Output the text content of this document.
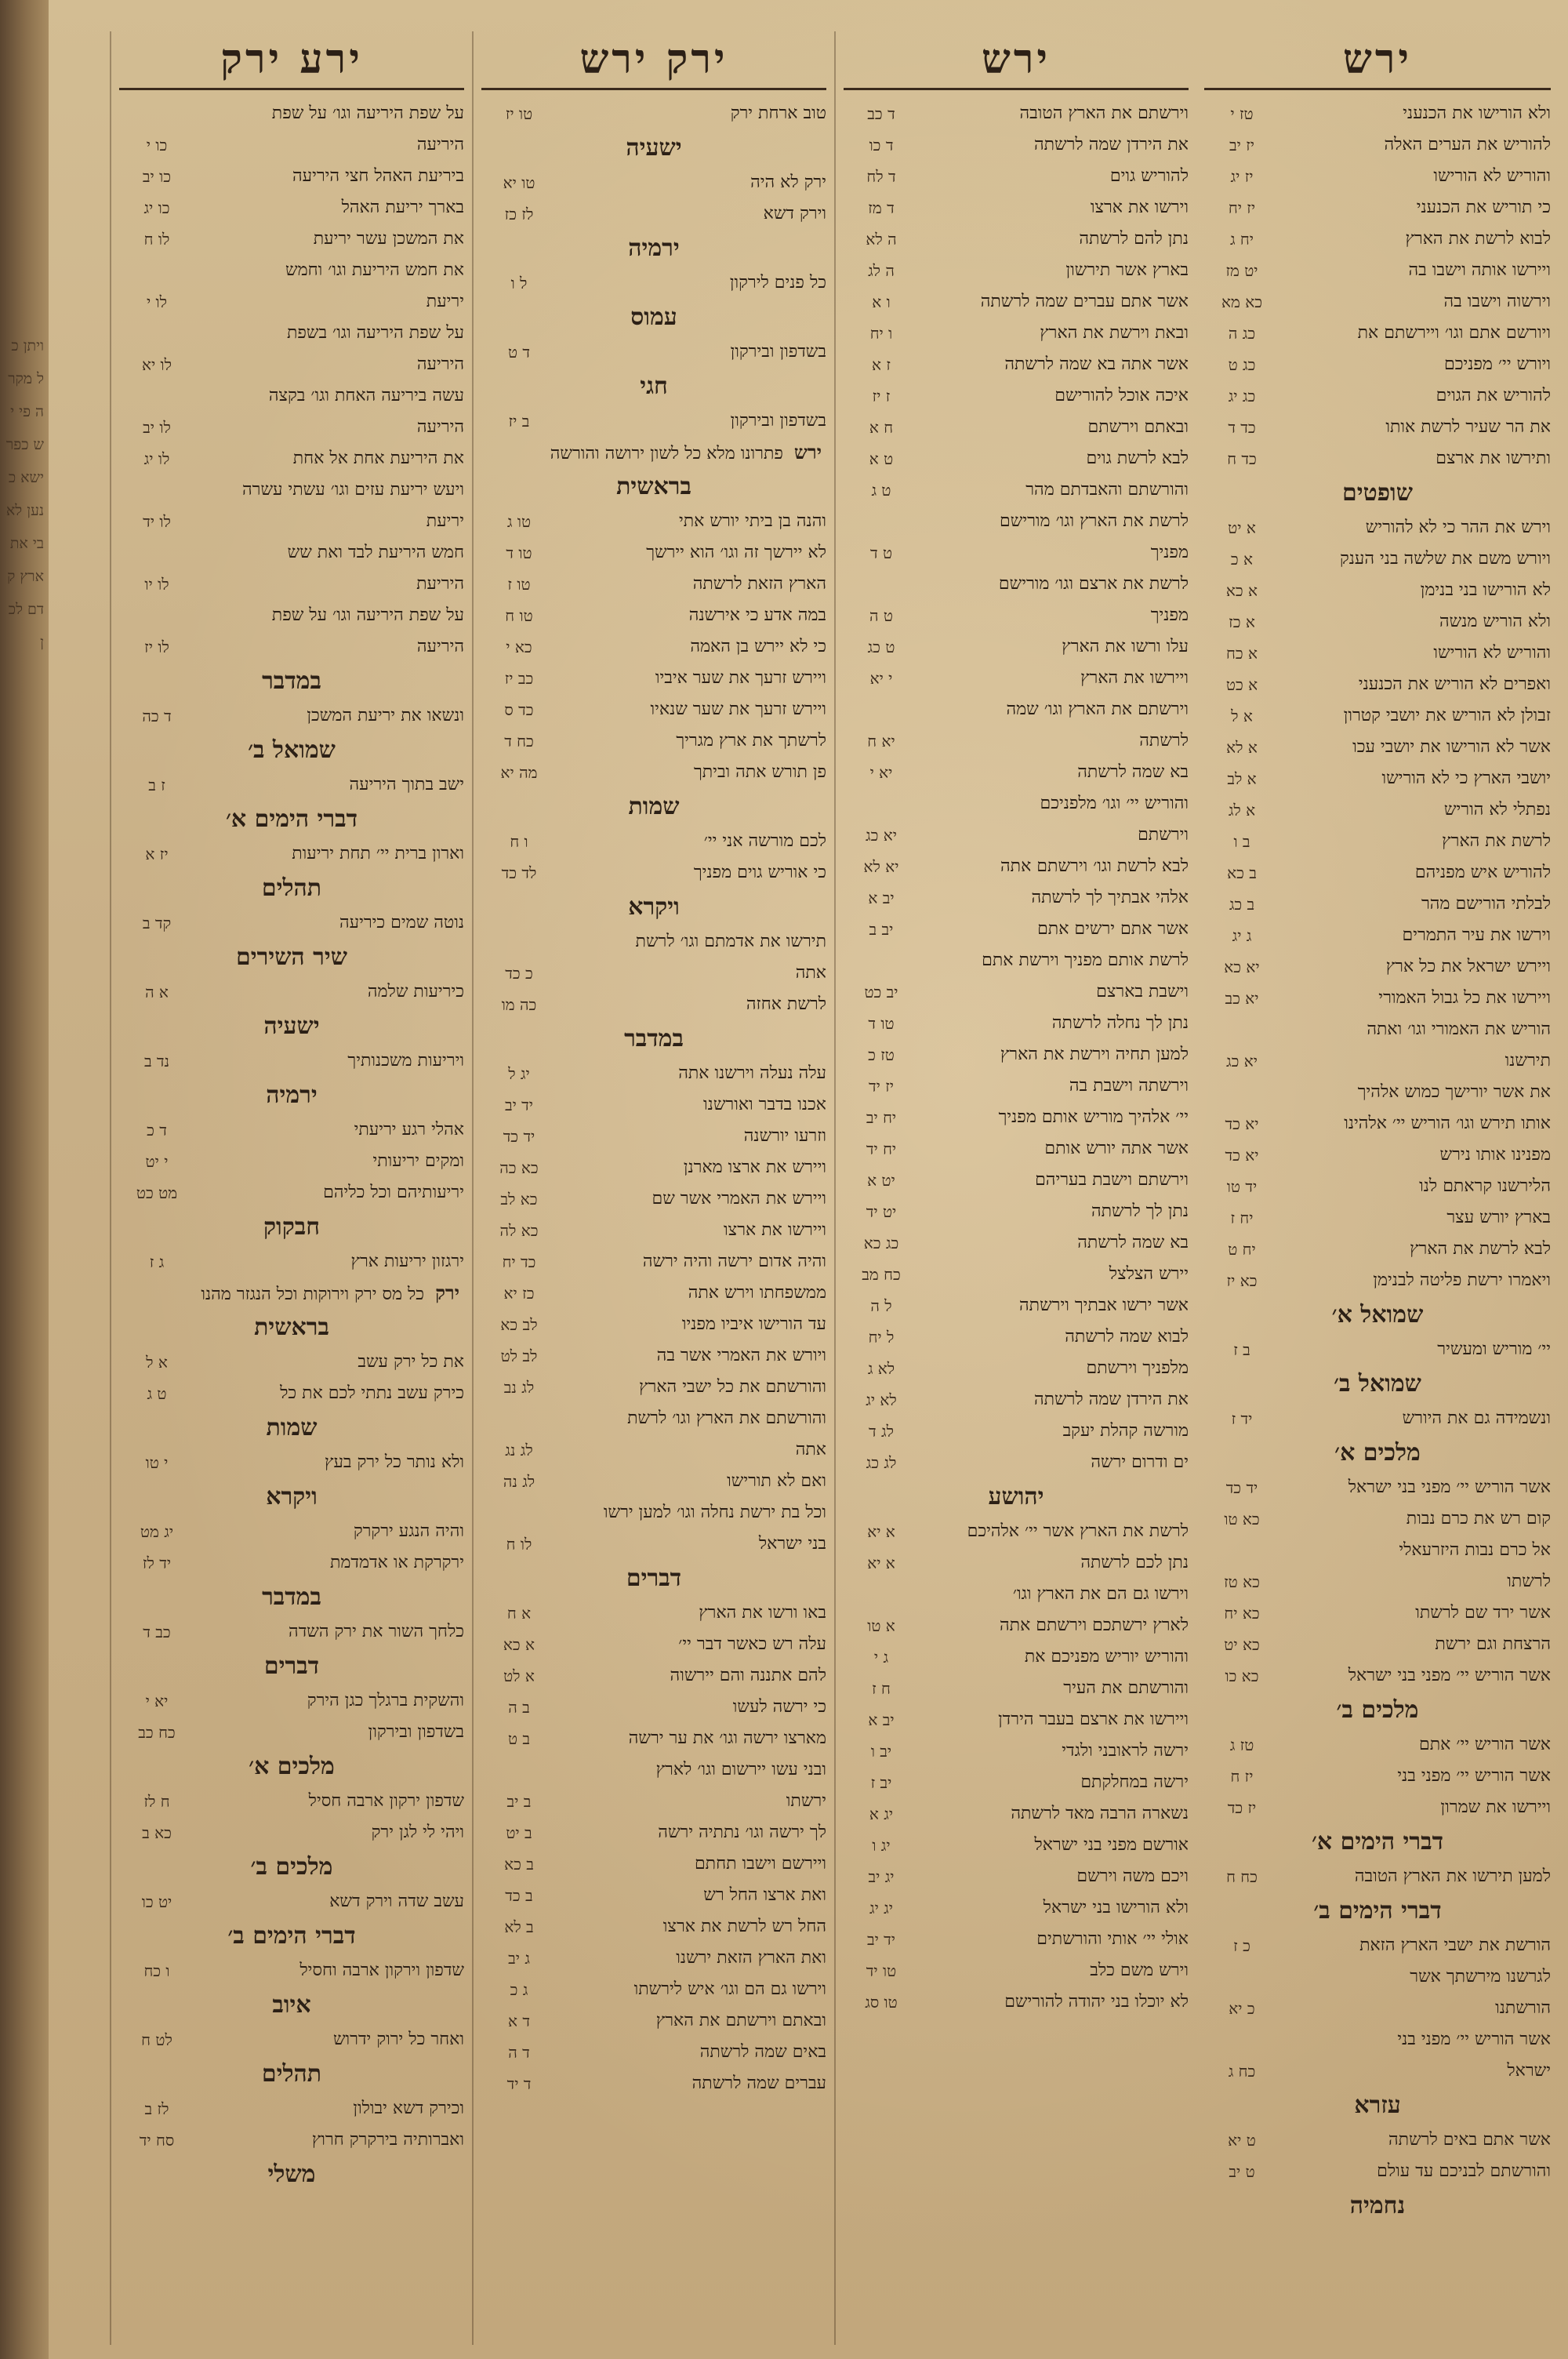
ויתן כל מקרה פי יש כפר ישא כנען לא בי את ארץ קדם לכן
ירע ירק
על שפת היריעה וגו׳ על שפת
היריעה
כו י
ביריעת האהל חצי היריעה
כו יב
בארך יריעת האהל
כו יג
את המשכן עשר יריעת
לו ח
את חמש היריעת וגו׳ וחמש
יריעת
לו י
על שפת היריעה וגו׳ בשפת
היריעה
לו יא
עשה ביריעה האחת וגו׳ בקצה
היריעה
לו יב
את היריעת אחת אל אחת
לו יג
ויעש יריעת עזים וגו׳ עשתי עשרה
יריעת
לו יד
חמש היריעת לבד ואת שש
היריעת
לו יו
על שפת היריעה וגו׳ על שפת
היריעה
לו יז
במדבר
ונשאו את יריעת המשכן
ד כה
שמואל ב׳
ישב בתוך היריעה
ז ב
דברי הימים א׳
וארון ברית יי׳ תחת יריעות
יז א
תהלים
נוטה שמים כיריעה
קד ב
שיר השירים
כיריעות שלמה
א ה
ישעיה
ויריעות משכנותיך
נד ב
ירמיה
אהלי רגע יריעתי
ד כ
ומקים יריעותי
י יט
יריעותיהם וכל כליהם
מט כט
חבקוק
ירגזון יריעות ארץ
ג ז
ירקכל מס ירק וירוקות וכל הנגזר מהנו
בראשית
את כל ירק עשב
א ל
כירק עשב נתתי לכם את כל
ט ג
שמות
ולא נותר כל ירק בעץ
י טו
ויקרא
והיה הנגע ירקרק
יג מט
ירקרקת או אדמדמת
יד לז
במדבר
כלחך השור את ירק השדה
כב ד
דברים
והשקית ברגלך כגן הירק
יא י
בשדפון ובירקון
כח כב
מלכים א׳
שדפון ירקון ארבה חסיל
ח לז
ויהי לי לגן ירק
כא ב
מלכים ב׳
עשב שדה וירק דשא
יט כו
דברי הימים ב׳
שדפון וירקון ארבה וחסיל
ו כח
איוב
ואחר כל ירוק ידרוש
לט ח
תהלים
וכירק דשא יבולון
לז ב
ואברותיה בירקרק חרוץ
סח יד
משלי
ירק ירש
טוב ארחת ירק
טו יז
ישעיה
ירק לא היה
טו יא
וירק דשא
לז כז
ירמיה
כל פנים לירקון
ל ו
עמוס
בשדפון ובירקון
ד ט
חגי
בשדפון ובירקון
ב יז
ירשפתרונו מלא כל לשון ירושה והורשה
בראשית
והנה בן ביתי יורש אתי
טו ג
לא יירשך זה וגו׳ הוא יירשך
טו ד
הארץ הזאת לרשתה
טו ז
במה אדע כי אירשנה
טו ח
כי לא יירש בן האמה
כא י
ויירש זרעך את שער איביו
כב יז
ויירש זרעך את שער שנאיו
כד ס
לרשתך את ארץ מגריך
כח ד
פן תורש אתה וביתך
מה יא
שמות
לכם מורשה אני יי׳
ו ח
כי אוריש גוים מפניך
לד כד
ויקרא
תירשו את אדמתם וגו׳ לרשת
אתה
כ כד
לרשת אחזה
כה מו
במדבר
עלה נעלה וירשנו אתה
יג ל
אכנו בדבר ואורשנו
יד יב
וזרעו יורשנה
יד כד
ויירש את ארצו מארנן
כא כה
ויירש את האמרי אשר שם
כא לב
ויירשו את ארצו
כא לה
והיה אדום ירשה והיה ירשה
כד יח
ממשפחתו וירש אתה
כז יא
עד הורישו איביו מפניו
לב כא
ויורש את האמרי אשר בה
לב לט
והורשתם את כל ישבי הארץ
לג נב
והורשתם את הארץ וגו׳ לרשת
אתה
לג נג
ואם לא תורישו
לג נה
וכל בת ירשת נחלה וגו׳ למען ירשו
בני ישראל
לו ח
דברים
באו ורשו את הארץ
א ח
עלה רש כאשר דבר יי׳
א כא
להם אתננה והם יירשוה
א לט
כי ירשה לעשו
ב ה
מארצו ירשה וגו׳ את ער ירשה
ב ט
ובני עשו יירשום וגו׳ לארץ
ירשתו
ב יב
לך ירשה וגו׳ נתתיה ירשה
ב יט
ויירשם וישבו תחתם
ב כא
ואת ארצו החל רש
ב כד
החל רש לרשת את ארצו
ב לא
ואת הארץ הזאת ירשנו
ג יב
וירשו גם הם וגו׳ איש לירשתו
ג כ
ובאתם וירשתם את הארץ
ד א
באים שמה לרשתה
ד ה
עברים שמה לרשתה
ד יד
ירש
וירשתם את הארץ הטובה
ד כב
את הירדן שמה לרשתה
ד כו
להוריש גוים
ד לח
וירשו את ארצו
ד מז
נתן להם לרשתה
ה לא
בארץ אשר תירשון
ה לג
אשר אתם עברים שמה לרשתה
ו א
ובאת וירשת את הארץ
ו יח
אשר אתה בא שמה לרשתה
ז א
איכה אוכל להורישם
ז יז
ובאתם וירשתם
ח א
לבא לרשת גוים
ט א
והורשתם והאבדתם מהר
ט ג
לרשת את הארץ וגו׳ מורישם
מפניך
ט ד
לרשת את ארצם וגו׳ מורישם
מפניך
ט ה
עלו ורשו את הארץ
ט כג
ויירשו את הארץ
י יא
וירשתם את הארץ וגו׳ שמה
לרשתה
יא ח
בא שמה לרשתה
יא י
והוריש יי׳ וגו׳ מלפניכם
וירשתם
יא כג
לבא לרשת וגו׳ וירשתם אתה
יא לא
אלהי אבתיך לך לרשתה
יב א
אשר אתם ירשים אתם
יב ב
לרשת אותם מפניך וירשת אתם
וישבת בארצם
יב כט
נתן לך נחלה לרשתה
טו ד
למען תחיה וירשת את הארץ
טז כ
וירשתה וישבת בה
יז יד
יי׳ אלהיך מוריש אותם מפניך
יח יב
אשר אתה יורש אותם
יח יד
וירשתם וישבת בעריהם
יט א
נתן לך לרשתה
יט יד
בא שמה לרשתה
כג כא
יירש הצלצל
כח מב
אשר ירשו אבתיך וירשתה
ל ה
לבוא שמה לרשתה
ל יח
מלפניך וירשתם
לא ג
את הירדן שמה לרשתה
לא יג
מורשה קהלת יעקב
לג ד
ים ודרום ירשה
לג כג
יהושע
לרשת את הארץ אשר יי׳ אלהיכם
א יא
נתן לכם לרשתה
א יא
וירשו גם הם את הארץ וגו׳
לארץ ירשתכם וירשתם אתה
א טו
והוריש יוריש מפניכם את
ג י
והורשתם את העיר
ח ז
ויירשו את ארצם בעבר הירדן
יב א
ירשה לראובני ולגדי
יב ו
ירשה במחלקתם
יב ז
נשארה הרבה מאד לרשתה
יג א
אורשם מפני בני ישראל
יג ו
ויכם משה וירשם
יג יב
ולא הורישו בני ישראל
יג יג
אולי יי׳ אותי והורשתים
יד יב
וירש משם כלב
טו יד
לא יוכלו בני יהודה להורישם
טו סג
ירש
ולא הורישו את הכנעני
טז י
להוריש את הערים האלה
יז יב
והוריש לא הורישו
יז יג
כי תוריש את הכנעני
יז יח
לבוא לרשת את הארץ
יח ג
ויירשו אותה וישבו בה
יט מז
וירשוה וישבו בה
כא מא
ויורשם אתם וגו׳ ויירשתם את
כג ה
ויורש יי׳ מפניכם
כג ט
להוריש את הגוים
כג יג
את הר שעיר לרשת אותו
כד ד
ותירשו את ארצם
כד ח
שופטים
וירש את ההר כי לא להוריש
א יט
ויורש משם את שלשה בני הענק
א כ
לא הורישו בני בנימן
א כא
ולא הוריש מנשה
א כז
והוריש לא הורישו
א כח
ואפרים לא הוריש את הכנעני
א כט
זבולן לא הוריש את יושבי קטרון
א ל
אשר לא הורישו את יושבי עכו
א לא
יושבי הארץ כי לא הורישו
א לב
נפתלי לא הוריש
א לג
לרשת את הארץ
ב ו
להוריש איש מפניהם
ב כא
לבלתי הורישם מהר
ב כג
וירשו את עיר התמרים
ג יג
ויירש ישראל את כל ארץ
יא כא
ויירשו את כל גבול האמורי
יא כב
הוריש את האמורי וגו׳ ואתה
תירשנו
יא כג
את אשר יורישך כמוש אלהיך
אותו תירש וגו׳ הוריש יי׳ אלהינו
יא כד
מפנינו אותו נירש
יא כד
הלירשנו קראתם לנו
יד טו
בארץ יורש עצר
יח ז
לבא לרשת את הארץ
יח ט
ויאמרו ירשת פליטה לבנימן
כא יז
שמואל א׳
יי׳ מוריש ומעשיר
ב ז
שמואל ב׳
ונשמידה גם את היורש
יד ז
מלכים א׳
אשר הוריש יי׳ מפני בני ישראל
יד כד
קום רש את כרם נבות
כא טו
אל כרם נבות היזרעאלי
לרשתו
כא טז
אשר ירד שם לרשתו
כא יח
הרצחת וגם ירשת
כא יט
אשר הוריש יי׳ מפני בני ישראל
כא כו
מלכים ב׳
אשר הוריש יי׳ אתם
טז ג
אשר הוריש יי׳ מפני בני
יז ח
ויירשו את שמרון
יז כד
דברי הימים א׳
למען תירשו את הארץ הטובה
כח ח
דברי הימים ב׳
הורשת את ישבי הארץ הזאת
כ ז
לגרשנו מירשתך אשר
הורשתנו
כ יא
אשר הוריש יי׳ מפני בני
ישראל
כח ג
עזרא
אשר אתם באים לרשתה
ט יא
והורשתם לבניכם עד עולם
ט יב
נחמיה
